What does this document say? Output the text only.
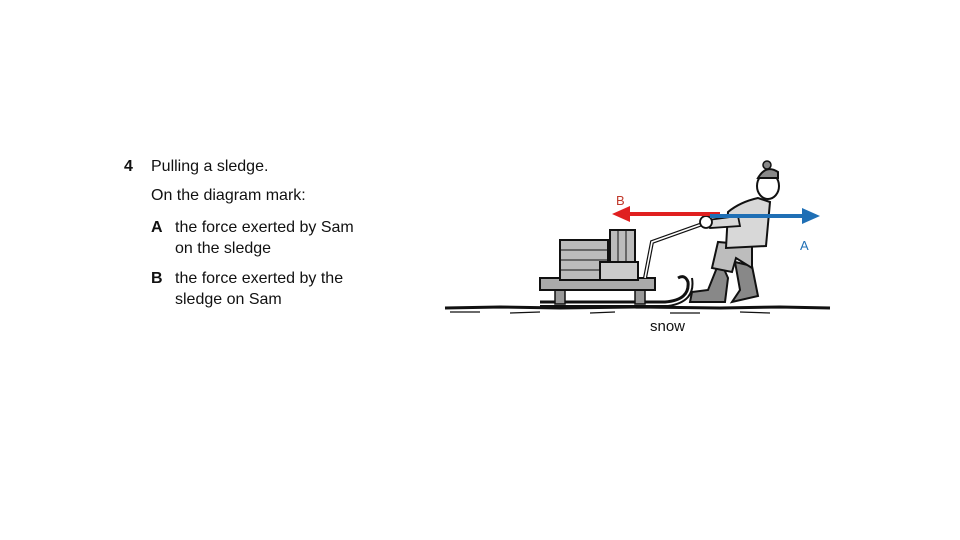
4 Pulling a sledge.
On the diagram mark:
A the force exerted by Sam on the sledge
B the force exerted by the sledge on Sam
B
A
snow
